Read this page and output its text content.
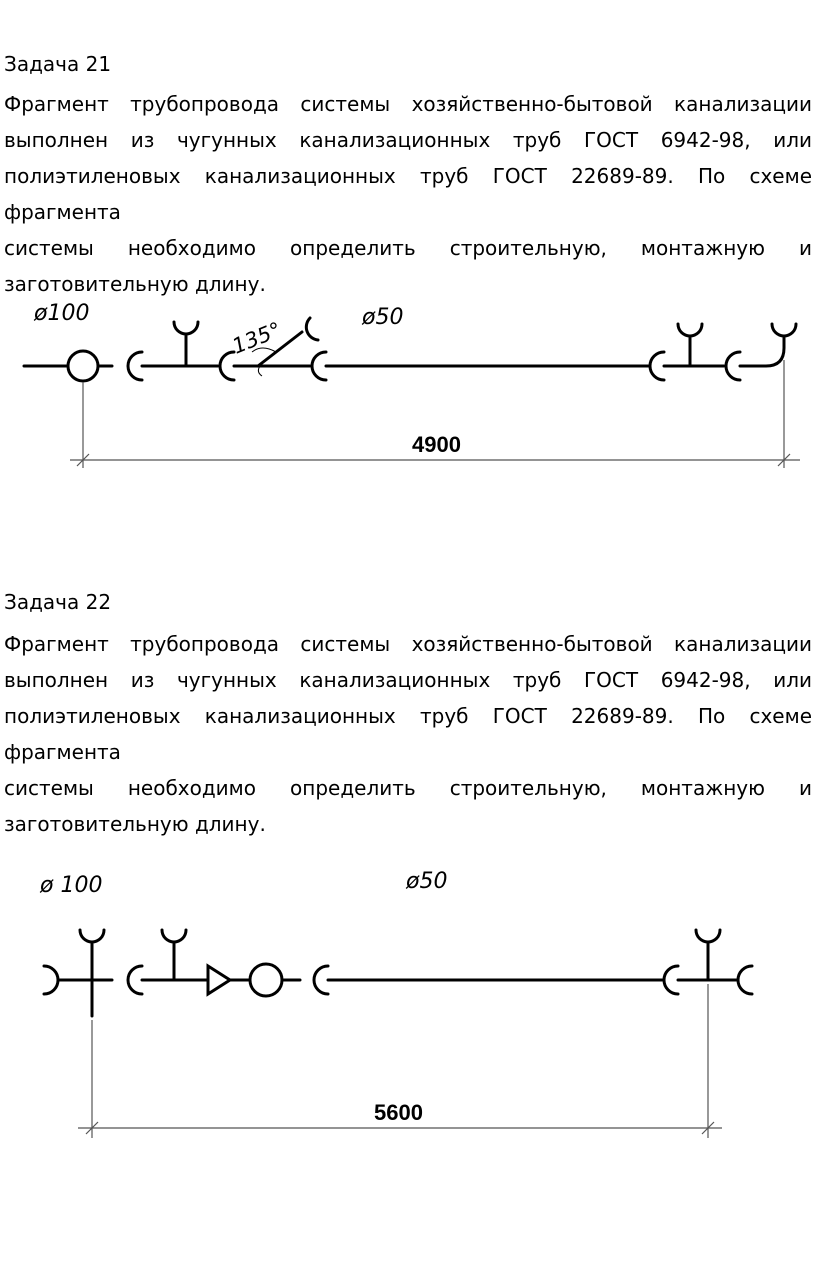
Задача 21

Фрагмент трубопровода системы хозяйственно-бытовой канализации
выполнен из чугунных канализационных труб ГОСТ 6942-98, или
полиэтиленовых канализационных труб ГОСТ 22689-89. По схеме фрагмента
системы необходимо определить строительную, монтажную и
заготовительную длину.

ø100	ø50
135°
4900
Задача 22

Фрагмент трубопровода системы хозяйственно-бытовой канализации
выполнен из чугунных канализационных труб ГОСТ 6942-98, или
полиэтиленовых канализационных труб ГОСТ 22689-89. По схеме фрагмента
системы необходимо определить строительную, монтажную и
заготовительную длину.

ø 100	ø50
5600
